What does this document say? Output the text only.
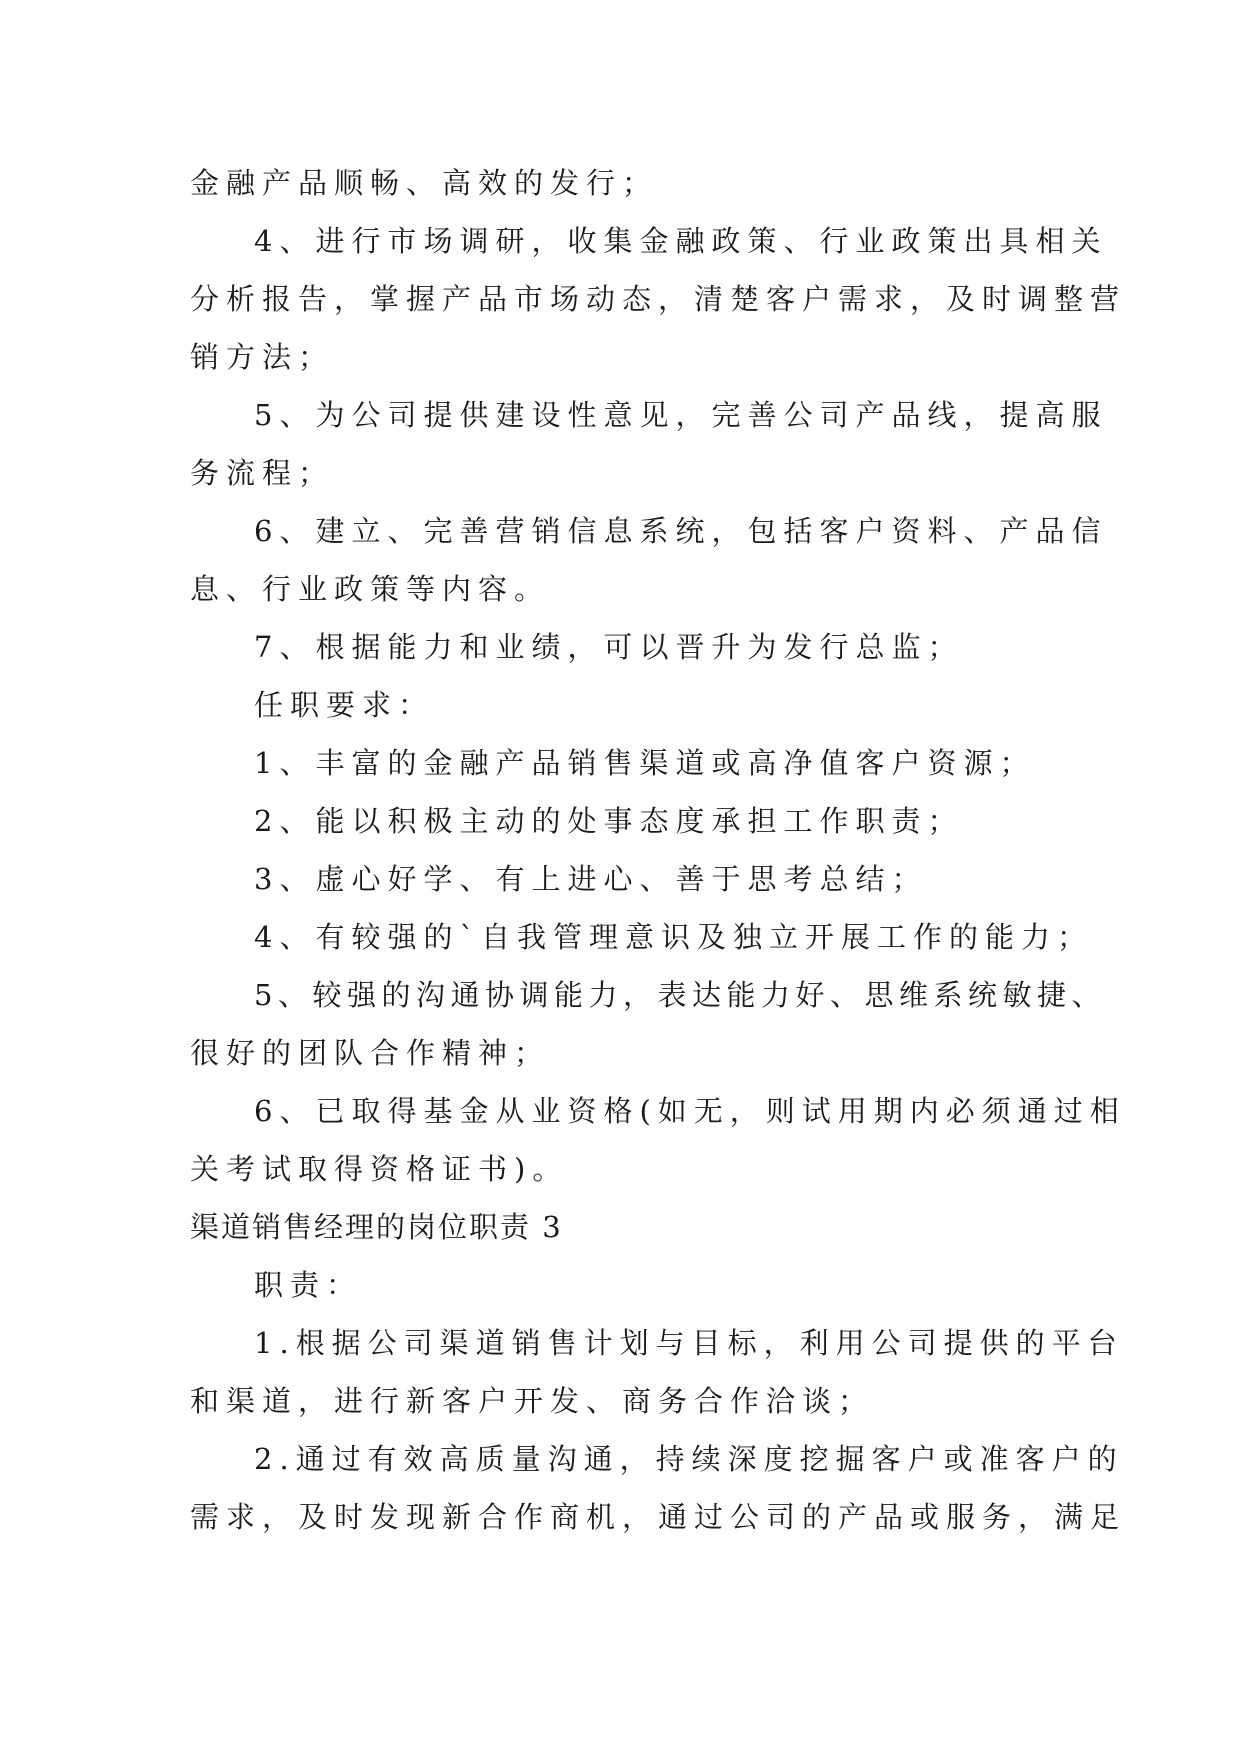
金融产品顺畅、高效的发行；
4、进行市场调研，收集金融政策、行业政策出具相关
分析报告，掌握产品市场动态，清楚客户需求，及时调整营
销方法；
5、为公司提供建设性意见，完善公司产品线，提高服
务流程；
6、建立、完善营销信息系统，包括客户资料、产品信
息、行业政策等内容。
7、根据能力和业绩，可以晋升为发行总监；
任职要求：
1、丰富的金融产品销售渠道或高净值客户资源；
2、能以积极主动的处事态度承担工作职责；
3、虚心好学、有上进心、善于思考总结；
4、有较强的`自我管理意识及独立开展工作的能力；
5、较强的沟通协调能力，表达能力好、思维系统敏捷、
很好的团队合作精神；
6、已取得基金从业资格(如无，则试用期内必须通过相
关考试取得资格证书)。
渠道销售经理的岗位职责 3
职责：
1.根据公司渠道销售计划与目标，利用公司提供的平台
和渠道，进行新客户开发、商务合作洽谈；
2.通过有效高质量沟通，持续深度挖掘客户或准客户的
需求，及时发现新合作商机，通过公司的产品或服务，满足
